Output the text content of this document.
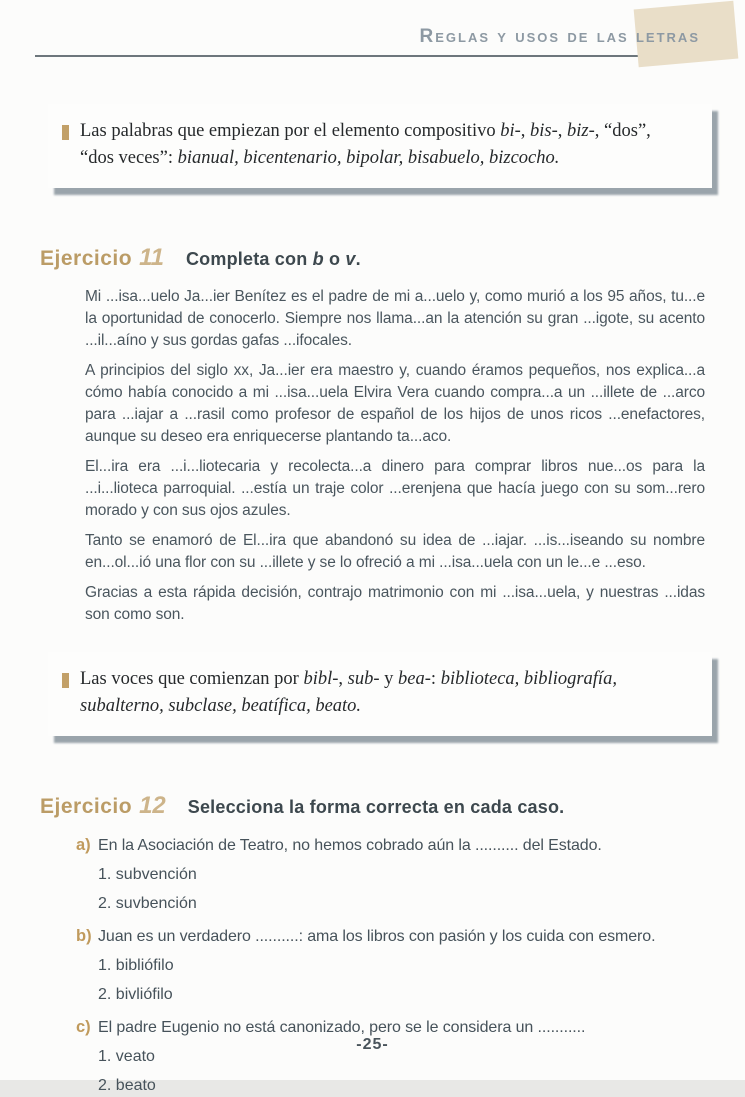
Reglas y usos de las letras

Las palabras que empiezan por el elemento compositivo bi-, bis-, biz-, “dos”, “dos veces”: bianual, bicentenario, bipolar, bisabuelo, bizcocho.

Ejercicio 11 Completa con b o v.

Mi ...isa...uelo Ja...ier Benítez es el padre de mi a...uelo y, como murió a los 95 años, tu...e la oportunidad de conocerlo. Siempre nos llama...an la atención su gran ...igote, su acento ...il...aíno y sus gordas gafas ...ifocales.

A principios del siglo xx, Ja...ier era maestro y, cuando éramos pequeños, nos explica...a cómo había conocido a mi ...isa...uela Elvira Vera cuando compra...a un ...illete de ...arco para ...iajar a ...rasil como profesor de español de los hijos de unos ricos ...enefactores, aunque su deseo era enriquecerse plantando ta...aco.

El...ira era ...i...liotecaria y recolecta...a dinero para comprar libros nue...os para la ...i...lioteca parroquial. ...estía un traje color ...erenjena que hacía juego con su som...rero morado y con sus ojos azules.

Tanto se enamoró de El...ira que abandonó su idea de ...iajar. ...is...iseando su nombre en...ol...ió una flor con su ...illete y se lo ofreció a mi ...isa...uela con un le...e ...eso.

Gracias a esta rápida decisión, contrajo matrimonio con mi ...isa...uela, y nuestras ...idas son como son.

Las voces que comienzan por bibl-, sub- y bea-: biblioteca, bibliografía, subalterno, subclase, beatífica, beato.

Ejercicio 12 Selecciona la forma correcta en cada caso.
a) En la Asociación de Teatro, no hemos cobrado aún la .......... del Estado.
1. subvención
2. suvbención
b) Juan es un verdadero ..........: ama los libros con pasión y los cuida con esmero.
1. bibliófilo
2. bivliófilo
c) El padre Eugenio no está canonizado, pero se le considera un ...........
1. veato
2. beato
-25-
